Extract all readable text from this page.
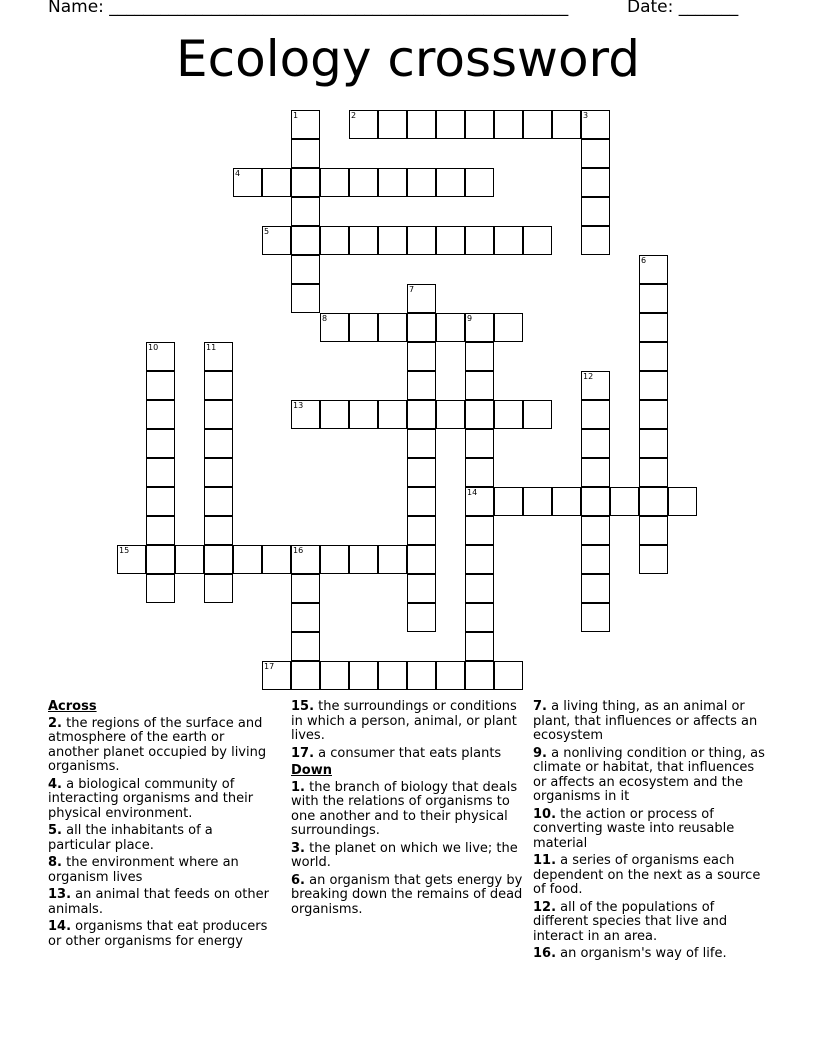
Name: ______________________________________________________	Date: _______
Ecology crossword
2	3
4
5
8	9
13
14
15	16
17
1
6
7
10	11
12
Across
2. the regions of the surface and atmosphere of the earth or another planet occupied by living organisms.
4. a biological community of interacting organisms and their physical environment.
5. all the inhabitants of a particular place.
8. the environment where an organism lives
13. an animal that feeds on other animals.
14. organisms that eat producers or other organisms for energy
15. the surroundings or conditions in which a person, animal, or plant lives.
17. a consumer that eats plants
Down
1. the branch of biology that deals with the relations of organisms to one another and to their physical surroundings.
3. the planet on which we live; the world.
6. an organism that gets energy by breaking down the remains of dead organisms.
7. a living thing, as an animal or plant, that influences or affects an ecosystem
9. a nonliving condition or thing, as climate or habitat, that influences or affects an ecosystem and the organisms in it
10. the action or process of converting waste into reusable material
11. a series of organisms each dependent on the next as a source of food.
12. all of the populations of different species that live and interact in an area.
16. an organism's way of life.
